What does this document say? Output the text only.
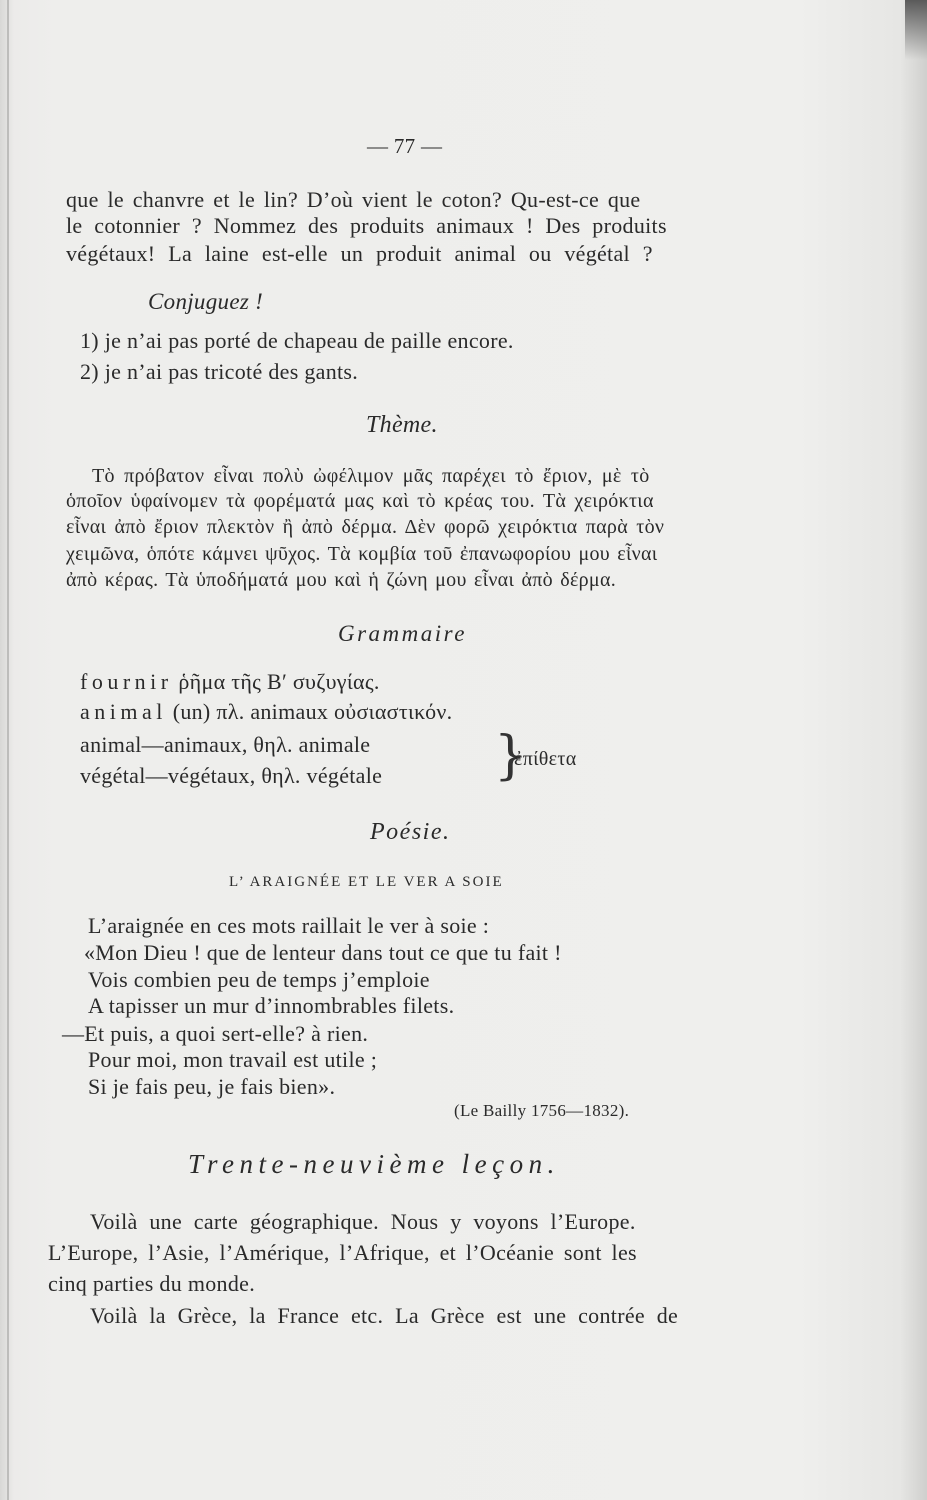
— 77 —
que le chanvre et le lin? D’où vient le coton? Qu-est-ce que
le cotonnier ? Nommez des produits animaux ! Des produits
végétaux! La laine est-elle un produit animal ou végétal ?
Conjuguez !
1) je n’ai pas porté de chapeau de paille encore.
2) je n’ai pas tricoté des gants.
Thème.
Τὸ πρόβατον εἶναι πολὺ ὠφέλιμον μᾶς παρέχει τὸ ἔριον, μὲ τὸ
ὁποῖον ὑφαίνομεν τὰ φορέματά μας καὶ τὸ κρέας του. Τὰ χειρόκτια
εἶναι ἀπὸ ἔριον πλεκτὸν ἢ ἀπὸ δέρμα. Δὲν φορῶ χειρόκτια παρὰ τὸν
χειμῶνα, ὁπότε κάμνει ψῦχος. Τὰ κομβία τοῦ ἐπανωφορίου μου εἶναι
ἀπὸ κέρας. Τὰ ὑποδήματά μου καὶ ἡ ζώνη μου εἶναι ἀπὸ δέρμα.
Grammaire
fournir ῥῆμα τῆς Β′ συζυγίας.
animal (un) πλ. animaux οὐσιαστικόν.
animal—animaux, θηλ. animale
végétal—végétaux, θηλ. végétale }
ἐπίθετα
Poésie.
L’ ARAIGNÉE ET LE VER A SOIE
L’araignée en ces mots raillait le ver à soie :
«Mon Dieu ! que de lenteur dans tout ce que tu fait !
Vois combien peu de temps j’emploie
A tapisser un mur d’innombrables filets.
—Et puis, a quoi sert-elle? à rien.
Pour moi, mon travail est utile ;
Si je fais peu, je fais bien».
(Le Bailly 1756—1832).
Trente-neuvième leçon.
Voilà une carte géographique. Nous y voyons l’Europe.
L’Europe, l’Asie, l’Amérique, l’Afrique, et l’Océanie sont les
cinq parties du monde.
Voilà la Grèce, la France etc. La Grèce est une contrée de
